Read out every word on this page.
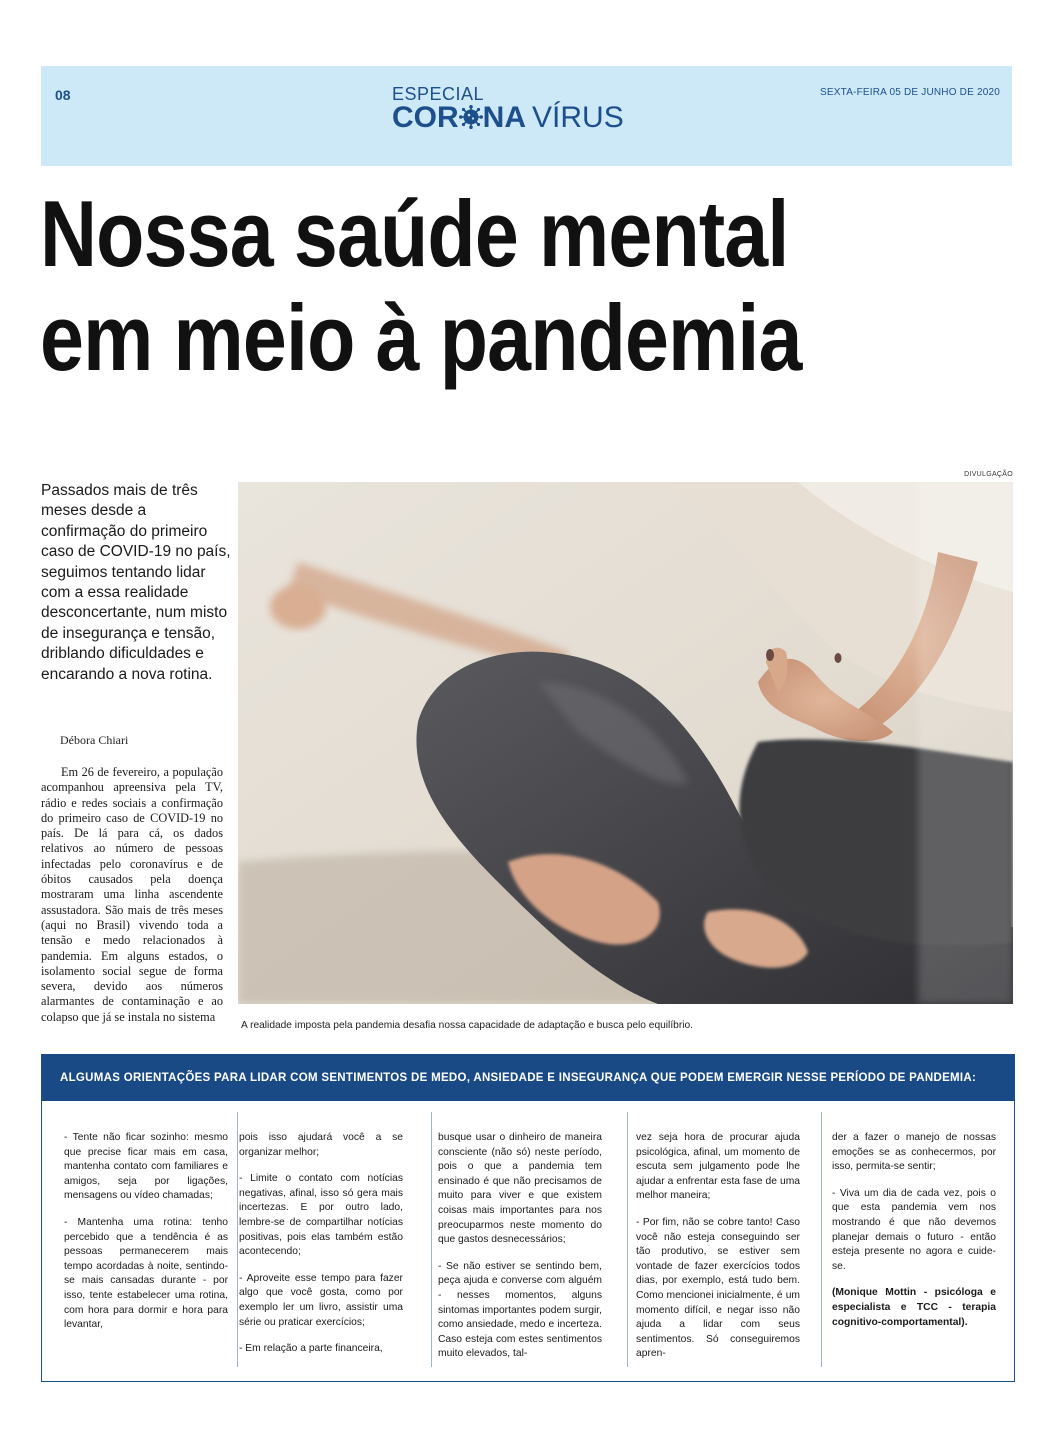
08	ESPECIAL
COR NA VÍRUS
SEXTA-FEIRA 05 DE JUNHO DE 2020
Nossa saúde mental
em meio à pandemia
Passados mais de três meses desde a confirmação do primeiro caso de COVID-19 no país, seguimos tentando lidar com a essa realidade desconcertante, num misto de insegurança e tensão, driblando dificuldades e encarando a nova rotina.
Débora Chiari
Em 26 de fevereiro, a população acompanhou apreensiva pela TV, rádio e redes sociais a confirmação do primeiro caso de COVID-19 no país. De lá para cá, os dados relativos ao número de pessoas infectadas pelo coronavírus e de óbitos causados pela doença mostraram uma linha ascendente assustadora. São mais de três meses (aqui no Brasil) vivendo toda a tensão e medo relacionados à pandemia. Em alguns estados, o isolamento social segue de forma severa, devido aos números alarmantes de contaminação e ao colapso que já se instala no sistema
DIVULGAÇÃO
A realidade imposta pela pandemia desafia nossa capacidade de adaptação e busca pelo equilíbrio.
ALGUMAS ORIENTAÇÕES PARA LIDAR COM SENTIMENTOS DE MEDO, ANSIEDADE E INSEGURANÇA QUE PODEM EMERGIR NESSE PERÍODO DE PANDEMIA:

- Tente não ficar sozinho: mesmo que precise ficar mais em casa, mantenha contato com familiares e amigos, seja por ligações, mensagens ou vídeo chamadas;

- Mantenha uma rotina: tenho percebido que a tendência é as pessoas permanecerem mais tempo acordadas à noite, sentindo-se mais cansadas durante - por isso, tente estabelecer uma rotina, com hora para dormir e hora para levantar,

pois isso ajudará você a se organizar melhor;

- Limite o contato com notícias negativas, afinal, isso só gera mais incertezas. E por outro lado, lembre-se de compartilhar notícias positivas, pois elas também estão acontecendo;

- Aproveite esse tempo para fazer algo que você gosta, como por exemplo ler um livro, assistir uma série ou praticar exercícios;

- Em relação a parte financeira,

busque usar o dinheiro de maneira consciente (não só) neste período, pois o que a pandemia tem ensinado é que não precisamos de muito para viver e que existem coisas mais importantes para nos preocuparmos neste momento do que gastos desnecessários;

- Se não estiver se sentindo bem, peça ajuda e converse com alguém - nesses momentos, alguns sintomas importantes podem surgir, como ansiedade, medo e incerteza. Caso esteja com estes sentimentos muito elevados, tal-

vez seja hora de procurar ajuda psicológica, afinal, um momento de escuta sem julgamento pode lhe ajudar a enfrentar esta fase de uma melhor maneira;

- Por fim, não se cobre tanto! Caso você não esteja conseguindo ser tão produtivo, se estiver sem vontade de fazer exercícios todos dias, por exemplo, está tudo bem. Como mencionei inicialmente, é um momento difícil, e negar isso não ajuda a lidar com seus sentimentos. Só conseguiremos apren-

der a fazer o manejo de nossas emoções se as conhecermos, por isso, permita-se sentir;

- Viva um dia de cada vez, pois o que esta pandemia vem nos mostrando é que não devemos planejar demais o futuro - então esteja presente no agora e cuide-se.

(Monique Mottin - psicóloga e especialista e TCC - terapia cognitivo-comportamental).
